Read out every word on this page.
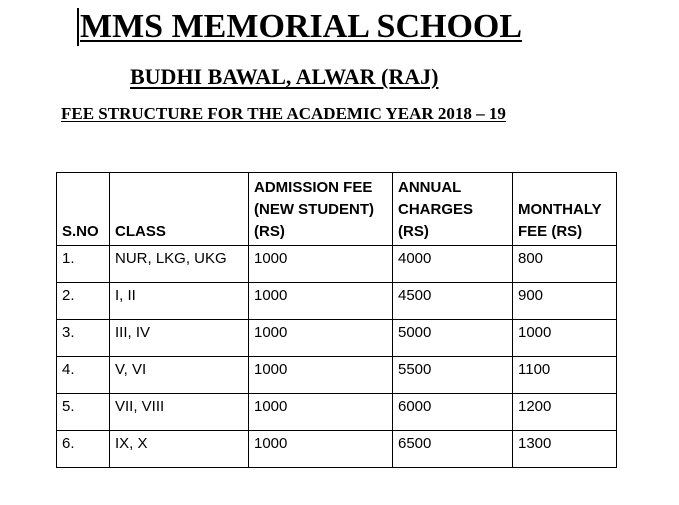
MMS MEMORIAL SCHOOL
BUDHI BAWAL, ALWAR (RAJ)
FEE STRUCTURE FOR THE ACADEMIC YEAR 2018 – 19
S.NO	CLASS	ADMISSION FEE (NEW STUDENT) (RS)	ANNUAL CHARGES (RS)	MONTHALY FEE (RS)
1.	NUR, LKG, UKG	1000	4000	800
2.	I, II	1000	4500	900
3.	III, IV	1000	5000	1000
4.	V, VI	1000	5500	1100
5.	VII, VIII	1000	6000	1200
6.	IX, X	1000	6500	1300
